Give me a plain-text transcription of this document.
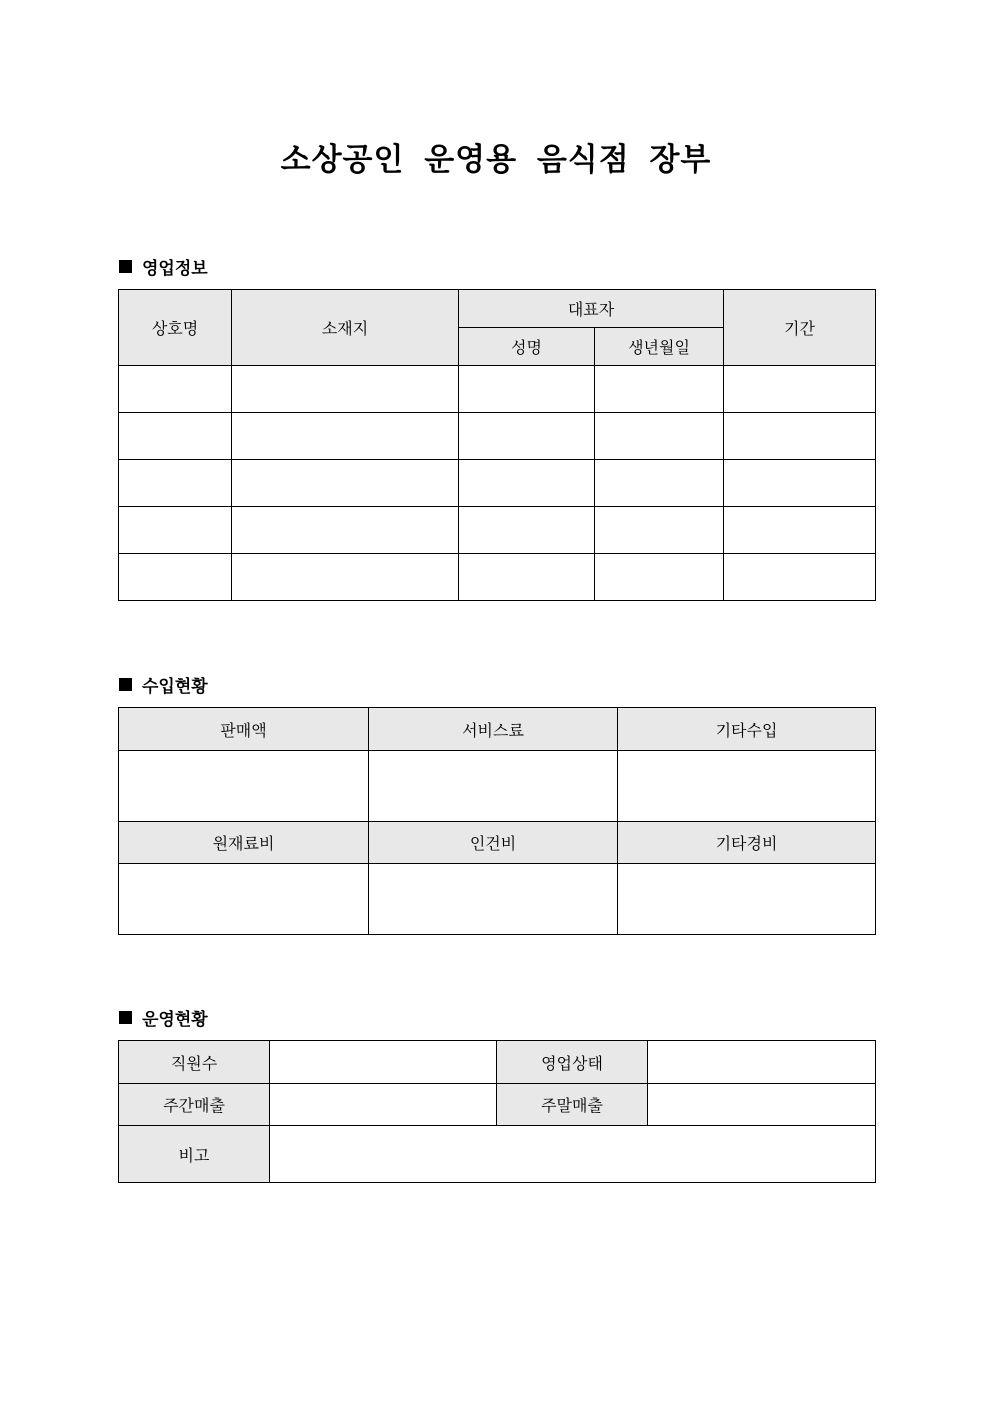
소상공인 운영용 음식점 장부
영업정보
상호명	소재지	대표자		기간
		성명	생년월일	

수입현황
판매액	서비스료	기타수입

원재료비	인건비	기타경비

운영현황
직원수		영업상태	
주간매출		주말매출	
비고			
